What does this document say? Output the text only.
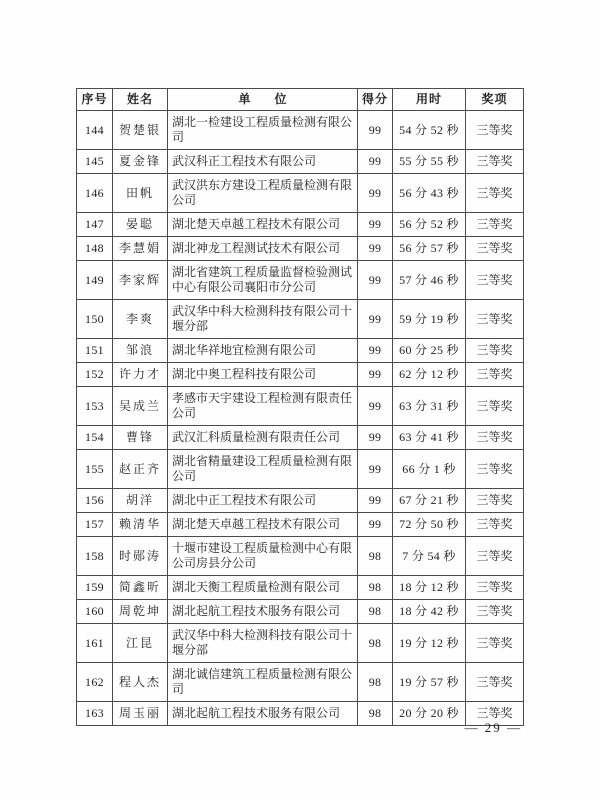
序号	姓名	单　　位	得分	用时	奖项
144	贺楚银	湖北一检建设工程质量检测有限公司	99	54 分 52 秒	三等奖
145	夏金锋	武汉科正工程技术有限公司	99	55 分 55 秒	三等奖
146	田帆	武汉洪东方建设工程质量检测有限公司	99	56 分 43 秒	三等奖
147	晏聪	湖北楚天卓越工程技术有限公司	99	56 分 52 秒	三等奖
148	李慧娟	湖北神龙工程测试技术有限公司	99	56 分 57 秒	三等奖
149	李家辉	湖北省建筑工程质量监督检验测试中心有限公司襄阳市分公司	99	57 分 46 秒	三等奖
150	李爽	武汉华中科大检测科技有限公司十堰分部	99	59 分 19 秒	三等奖
151	邹浪	湖北华祥地宜检测有限公司	99	60 分 25 秒	三等奖
152	许力才	湖北中奥工程科技有限公司	99	62 分 12 秒	三等奖
153	吴成兰	孝感市天宇建设工程检测有限责任公司	99	63 分 31 秒	三等奖
154	曹锋	武汉汇科质量检测有限责任公司	99	63 分 41 秒	三等奖
155	赵正齐	湖北省精量建设工程质量检测有限公司	99	66 分 1 秒	三等奖
156	胡洋	湖北中正工程技术有限公司	99	67 分 21 秒	三等奖
157	赖清华	湖北楚天卓越工程技术有限公司	99	72 分 50 秒	三等奖
158	时郧涛	十堰市建设工程质量检测中心有限公司房县分公司	98	7 分 54 秒	三等奖
159	简鑫昕	湖北天衡工程质量检测有限公司	98	18 分 12 秒	三等奖
160	周乾坤	湖北起航工程技术服务有限公司	98	18 分 42 秒	三等奖
161	江昆	武汉华中科大检测科技有限公司十堰分部	98	19 分 12 秒	三等奖
162	程人杰	湖北诚信建筑工程质量检测有限公司	98	19 分 57 秒	三等奖
163	周玉丽	湖北起航工程技术服务有限公司	98	20 分 20 秒	三等奖
— 29 —
